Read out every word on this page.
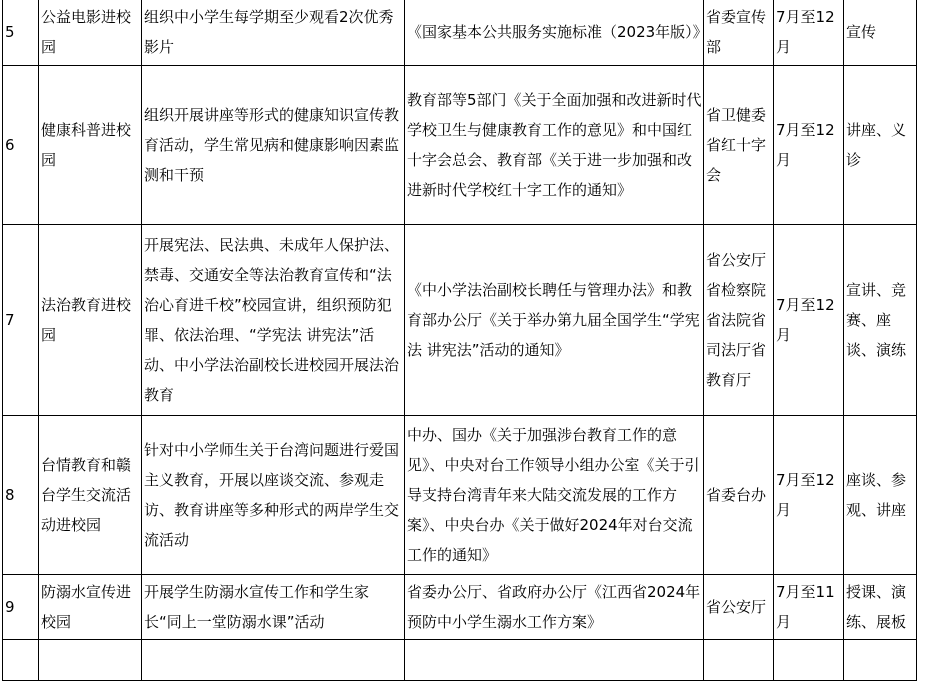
5	公益电影进校园	组织中小学生每学期至少观看2次优秀影片	《国家基本公共服务实施标准（2023年版）》	省委宣传部	7月至12月	宣传
6	健康科普进校园	组织开展讲座等形式的健康知识宣传教育活动，学生常见病和健康影响因素监测和干预	教育部等5部门《关于全面加强和改进新时代学校卫生与健康教育工作的意见》和中国红十字会总会、教育部《关于进一步加强和改进新时代学校红十字工作的通知》	省卫健委省红十字会	7月至12月	讲座、义诊
7	法治教育进校园	开展宪法、民法典、未成年人保护法、禁毒、交通安全等法治教育宣传和“法治心育进千校”校园宣讲，组织预防犯罪、依法治理、“学宪法 讲宪法”活动、中小学法治副校长进校园开展法治教育	《中小学法治副校长聘任与管理办法》和教育部办公厅《关于举办第九届全国学生“学宪法 讲宪法”活动的通知》	省公安厅省检察院省法院省司法厅省教育厅	7月至12月	宣讲、竞赛、座谈、演练
8	台情教育和赣台学生交流活动进校园	针对中小学师生关于台湾问题进行爱国主义教育，开展以座谈交流、参观走访、教育讲座等多种形式的两岸学生交流活动	中办、国办《关于加强涉台教育工作的意见》、中央对台工作领导小组办公室《关于引导支持台湾青年来大陆交流发展的工作方案》、中央台办《关于做好2024年对台交流工作的通知》	省委台办	7月至12月	座谈、参观、讲座
9	防溺水宣传进校园	开展学生防溺水宣传工作和学生家长“同上一堂防溺水课”活动	省委办公厅、省政府办公厅《江西省2024年预防中小学生溺水工作方案》	省公安厅	7月至11月	授课、演练、展板
